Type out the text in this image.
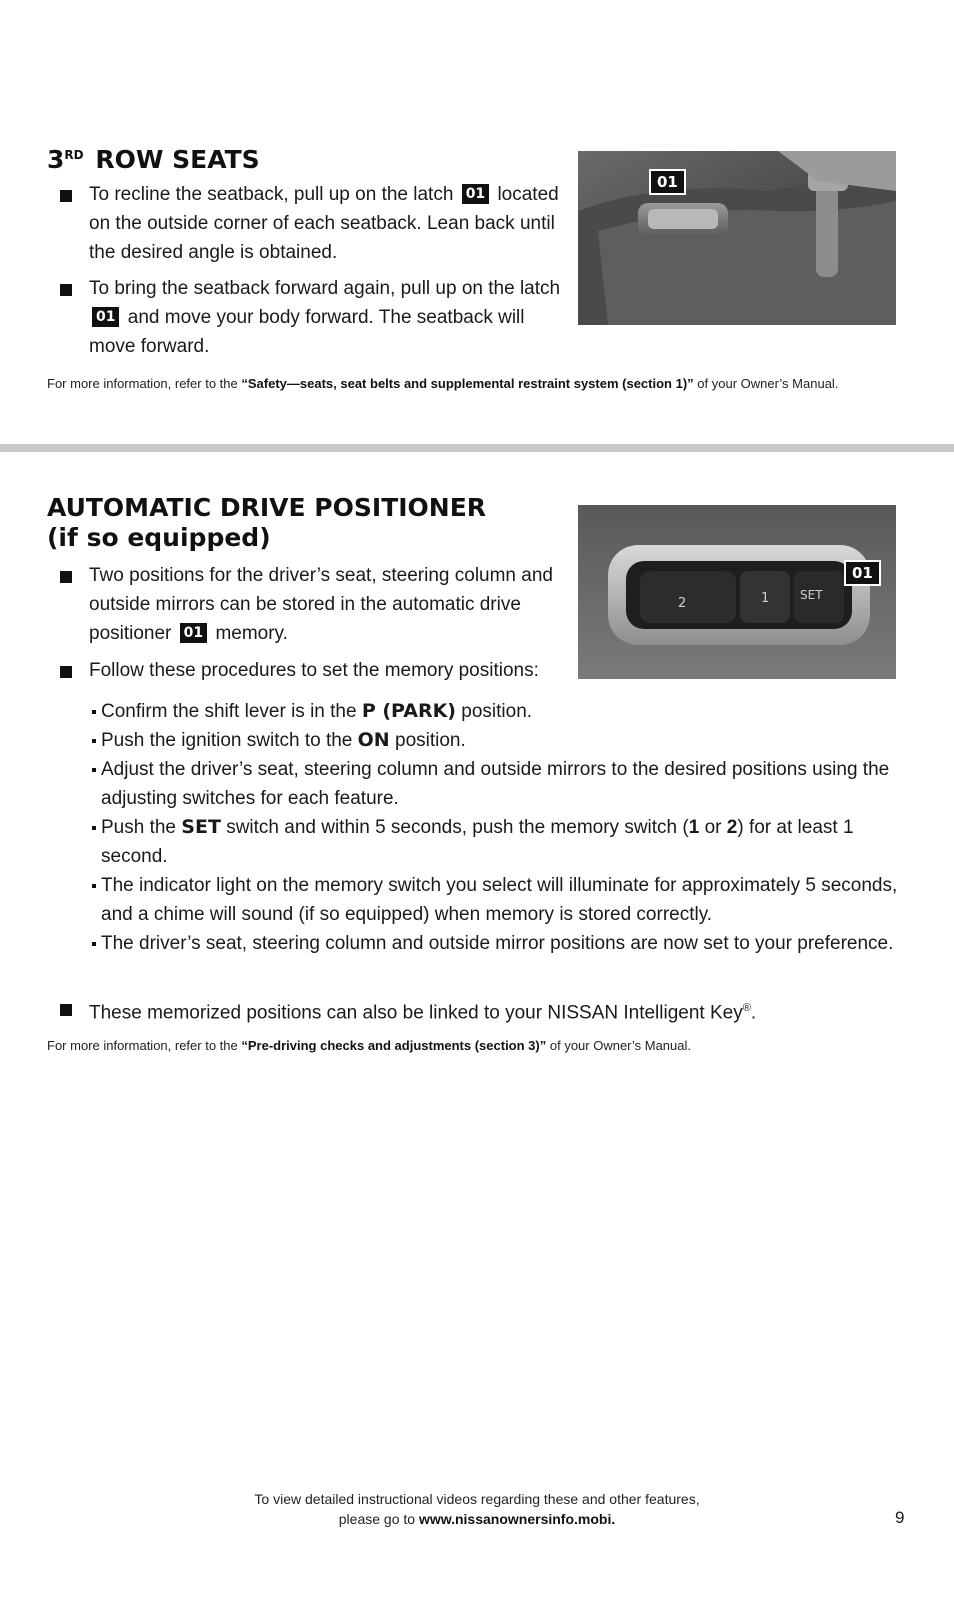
3RD ROW SEATS
To recline the seatback, pull up on the latch 01 located on the outside corner of each seatback. Lean back until the desired angle is obtained.
To bring the seatback forward again, pull up on the latch 01 and move your body forward. The seatback will move forward.
01
For more information, refer to the “Safety—seats, seat belts and supplemental restraint system (section 1)” of your Owner’s Manual.
AUTOMATIC DRIVE POSITIONER
(if so equipped)
Two positions for the driver’s seat, steering column and outside mirrors can be stored in the automatic drive positioner 01 memory.
Follow these procedures to set the memory positions:
2	1	SET
01
Confirm the shift lever is in the P (PARK) position.
Push the ignition switch to the ON position.
Adjust the driver’s seat, steering column and outside mirrors to the desired positions using the adjusting switches for each feature.
Push the SET switch and within 5 seconds, push the memory switch (1 or 2) for at least 1 second.
The indicator light on the memory switch you select will illuminate for approximately 5 seconds, and a chime will sound (if so equipped) when memory is stored correctly.
The driver’s seat, steering column and outside mirror positions are now set to your preference.
These memorized positions can also be linked to your NISSAN Intelligent Key®.
For more information, refer to the “Pre-driving checks and adjustments (section 3)” of your Owner’s Manual.
To view detailed instructional videos regarding these and other features,
please go to www.nissanownersinfo.mobi.	9
